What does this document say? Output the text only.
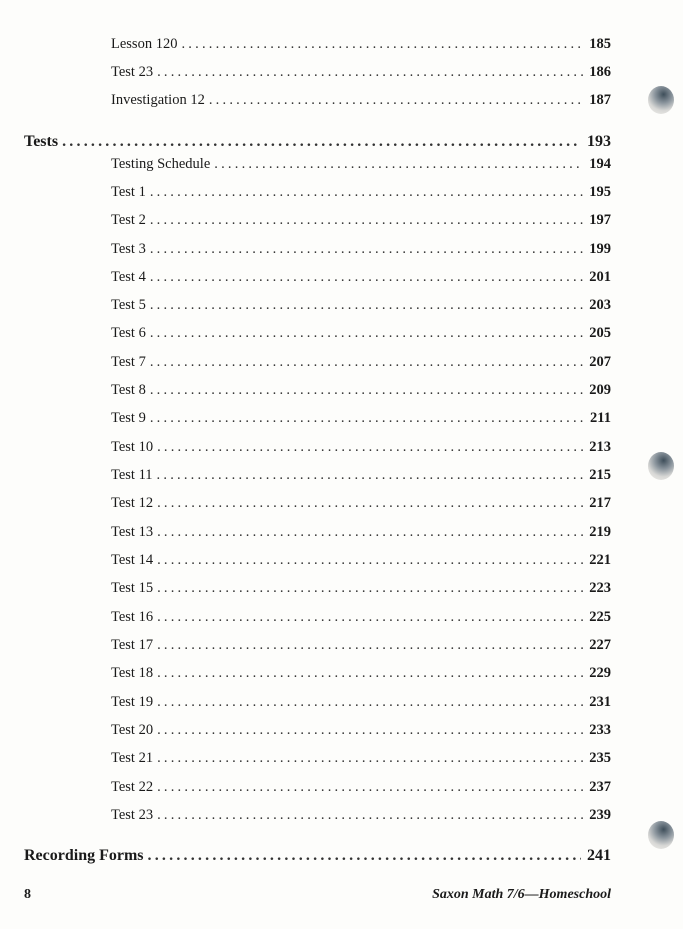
Lesson 120 .....	185
Test 23 .....	186
Investigation 12 .....	187
Tests .....	193
Testing Schedule .....	194
Test 1 .....	195
Test 2 .....	197
Test 3 .....	199
Test 4 .....	201
Test 5 .....	203
Test 6 .....	205
Test 7 .....	207
Test 8 .....	209
Test 9 .....	211
Test 10 .....	213
Test 11 .....	215
Test 12 .....	217
Test 13 .....	219
Test 14 .....	221
Test 15 .....	223
Test 16 .....	225
Test 17 .....	227
Test 18 .....	229
Test 19 .....	231
Test 20 .....	233
Test 21 .....	235
Test 22 .....	237
Test 23 .....	239
Recording Forms .....	241
8	Saxon Math 7/6—Homeschool
